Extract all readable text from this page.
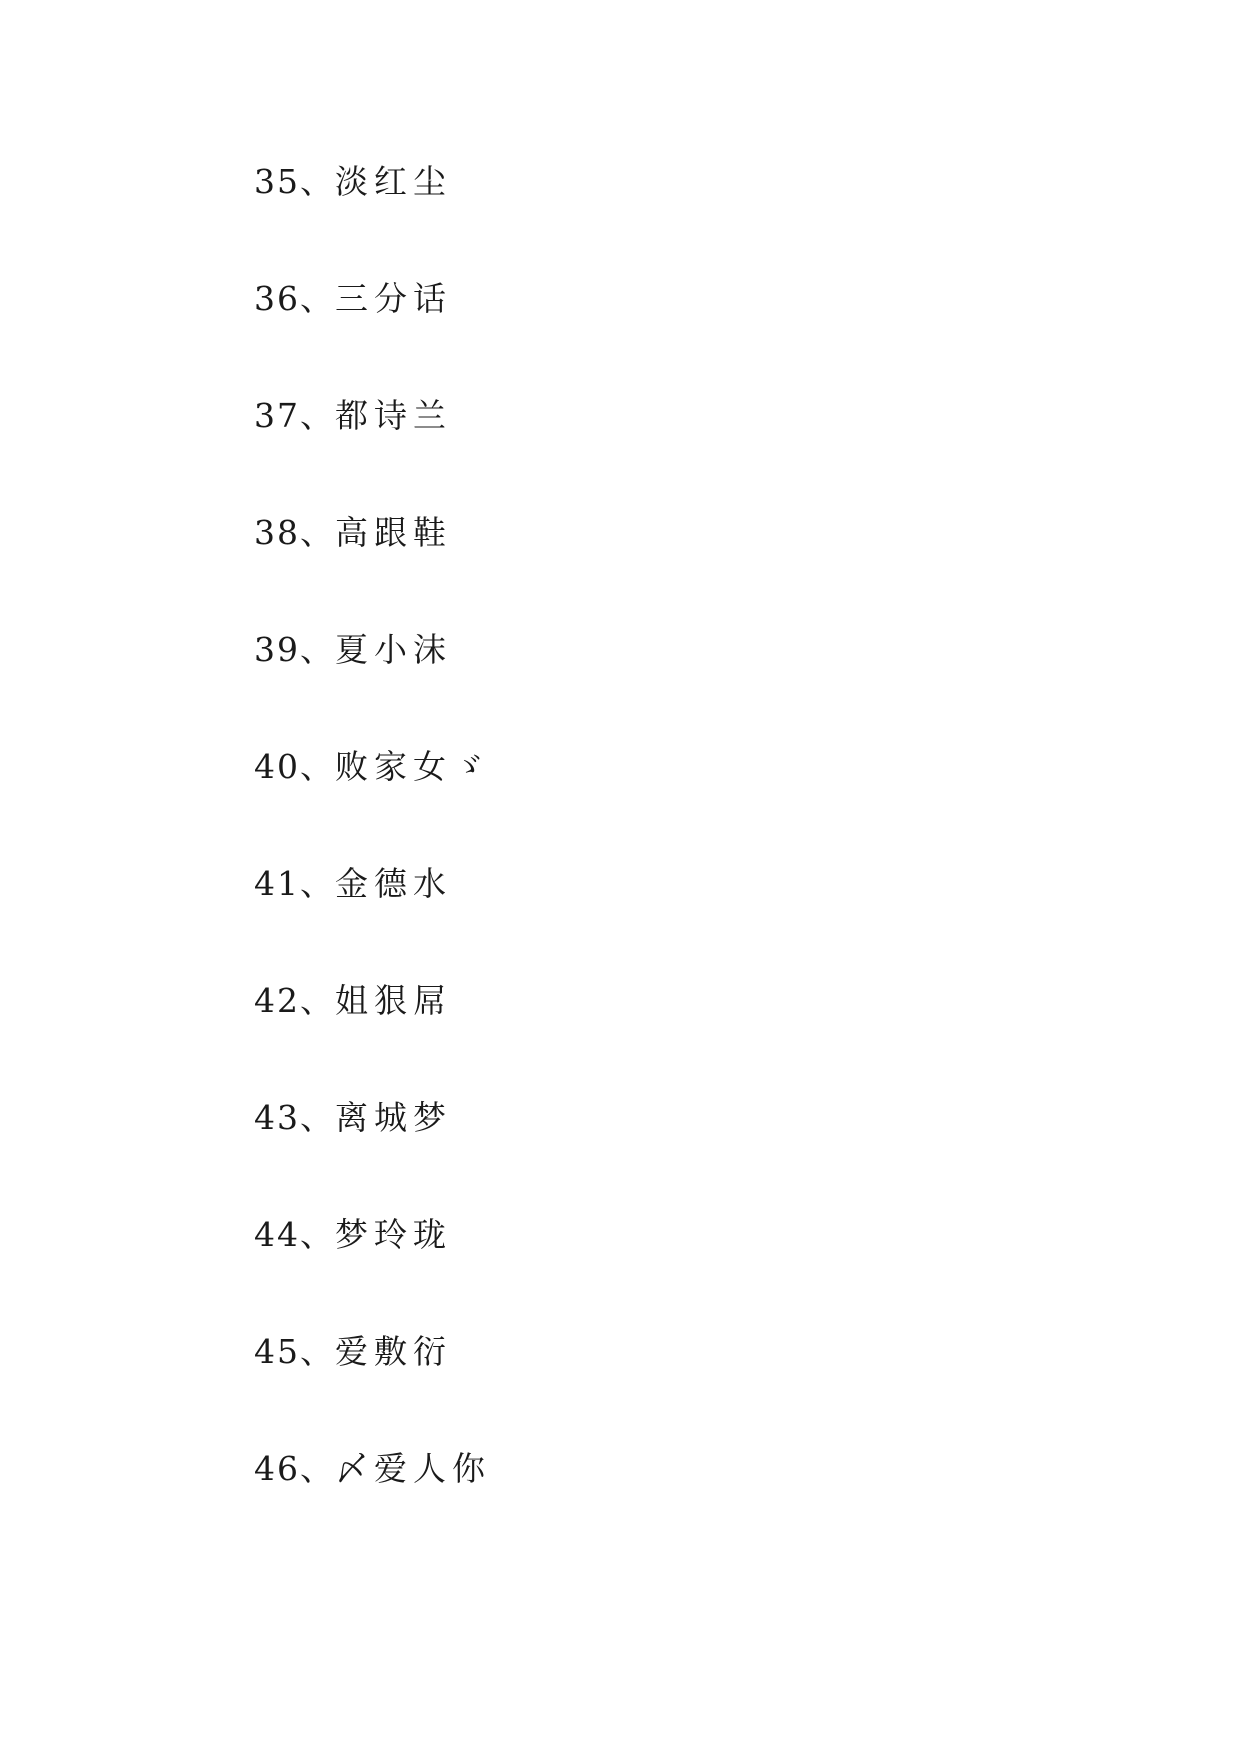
35、淡红尘
36、三分话
37、都诗兰
38、高跟鞋
39、夏小沫
40、败家女ゞ
41、金德水
42、姐狠屌
43、离城梦
44、梦玲珑
45、爱敷衍
46、〆爱人你
